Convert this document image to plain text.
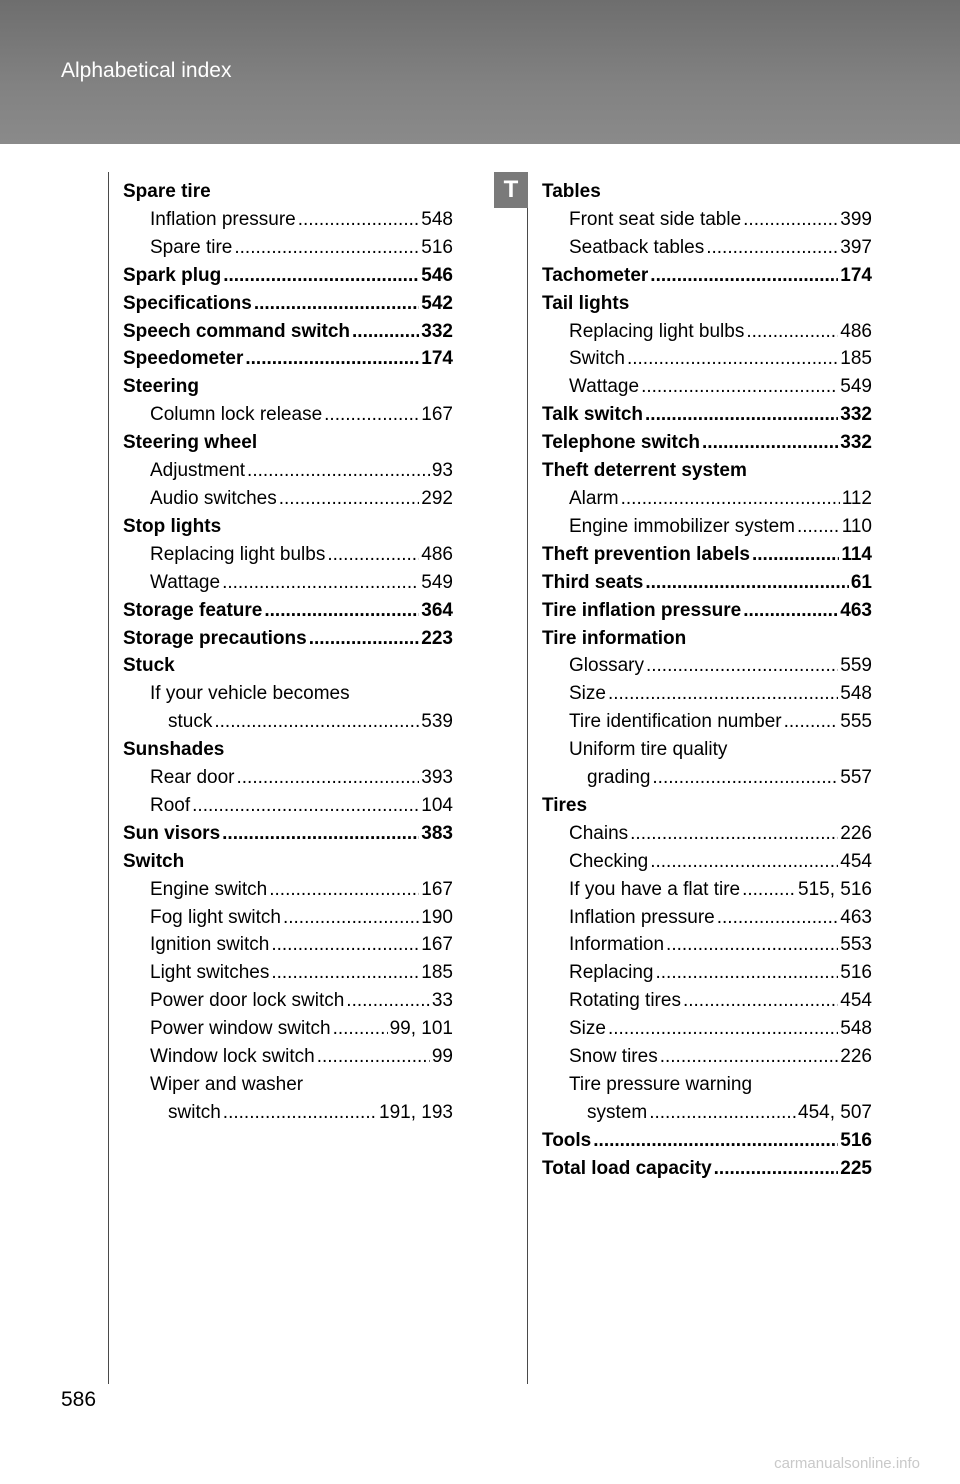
Alphabetical index
T
Spare tire
Inflation pressure .....	548
Spare tire .....	516
Spark plug .....	546
Specifications .....	542
Speech command switch .....	332
Speedometer .....	174
Steering
Column lock release .....	167
Steering wheel
Adjustment .....	93
Audio switches .....	292
Stop lights
Replacing light bulbs .....	486
Wattage .....	549
Storage feature .....	364
Storage precautions .....	223
Stuck
If your vehicle becomes
stuck .....	539
Sunshades
Rear door .....	393
Roof .....	104
Sun visors .....	383
Switch
Engine switch .....	167
Fog light switch .....	190
Ignition switch .....	167
Light switches .....	185
Power door lock switch .....	33
Power window switch .....	99, 101
Window lock switch .....	99
Wiper and washer
switch .....	191, 193
Tables
Front seat side table .....	399
Seatback tables .....	397
Tachometer .....	174
Tail lights
Replacing light bulbs .....	486
Switch .....	185
Wattage .....	549
Talk switch .....	332
Telephone switch .....	332
Theft deterrent system
Alarm .....	112
Engine immobilizer system ..... 110
Theft prevention labels .....	114
Third seats .....	61
Tire inflation pressure .....	463
Tire information
Glossary .....	559
Size .....	548
Tire identification number .....	555
Uniform tire quality
grading .....	557
Tires
Chains .....	226
Checking .....	454
If you have a flat tire .....	515, 516
Inflation pressure .....	463
Information .....	553
Replacing .....	516
Rotating tires .....	454
Size .....	548
Snow tires .....	226
Tire pressure warning
system .....	454, 507
Tools .....	516
Total load capacity .....	225
586
carmanualsonline.info
